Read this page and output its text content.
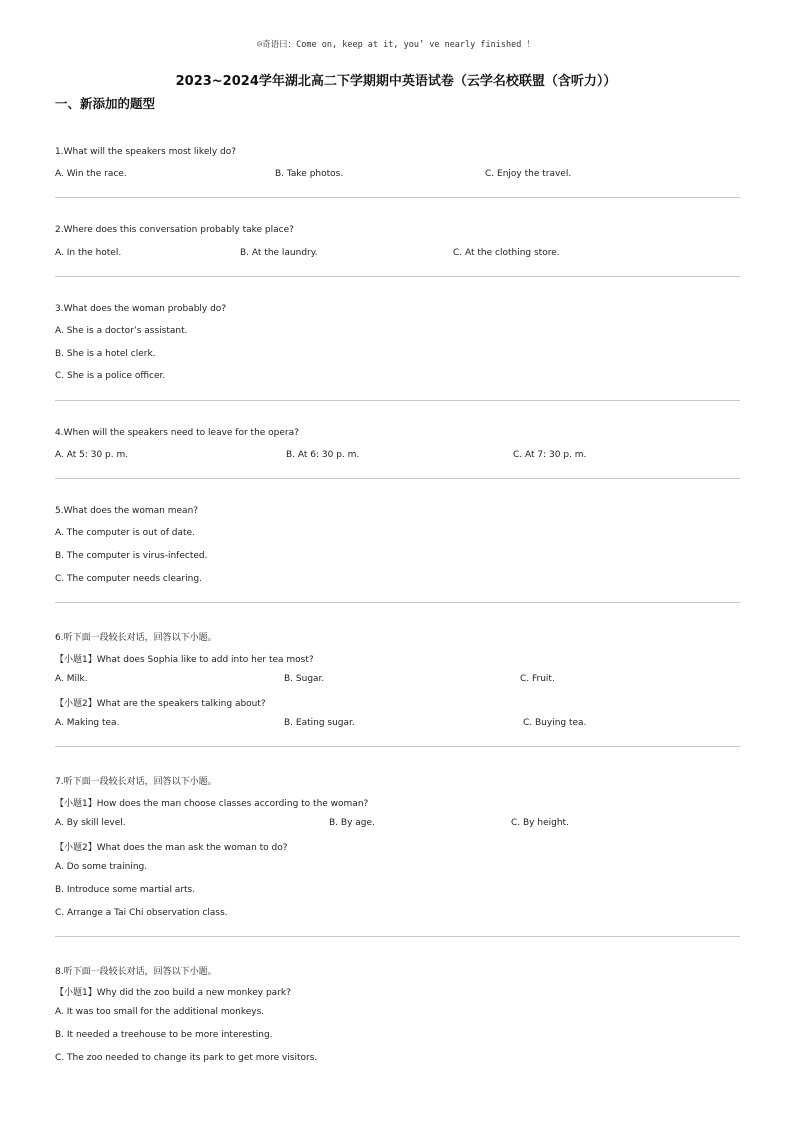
☺奇语曰：Come on, keep at it, you’ ve nearly finished ！
2023~2024学年湖北高二下学期期中英语试卷（云学名校联盟（含听力））
一、新添加的题型
1.What will the speakers most likely do?
A. Win the race.	B. Take photos.	C. Enjoy the travel.
2.Where does this conversation probably take place?
A. In the hotel.	B. At the laundry.	C. At the clothing store.
3.What does the woman probably do?
A. She is a doctor’s assistant.
B. She is a hotel clerk.
C. She is a police officer.
4.When will the speakers need to leave for the opera?
A. At 5: 30 p. m.	B. At 6: 30 p. m.	C. At 7: 30 p. m.
5.What does the woman mean?
A. The computer is out of date.
B. The computer is virus-infected.
C. The computer needs clearing.
6.听下面一段较长对话，回答以下小题。
【小题1】What does Sophia like to add into her tea most?
A. Milk.	B. Sugar.	C. Fruit.
【小题2】What are the speakers talking about?
A. Making tea.	B. Eating sugar.	C. Buying tea.
7.听下面一段较长对话，回答以下小题。
【小题1】How does the man choose classes according to the woman?
A. By skill level.	B. By age.	C. By height.
【小题2】What does the man ask the woman to do?
A. Do some training.
B. Introduce some martial arts.
C. Arrange a Tai Chi observation class.
8.听下面一段较长对话，回答以下小题。
【小题1】Why did the zoo build a new monkey park?
A. It was too small for the additional monkeys.
B. It needed a treehouse to be more interesting.
C. The zoo needed to change its park to get more visitors.
